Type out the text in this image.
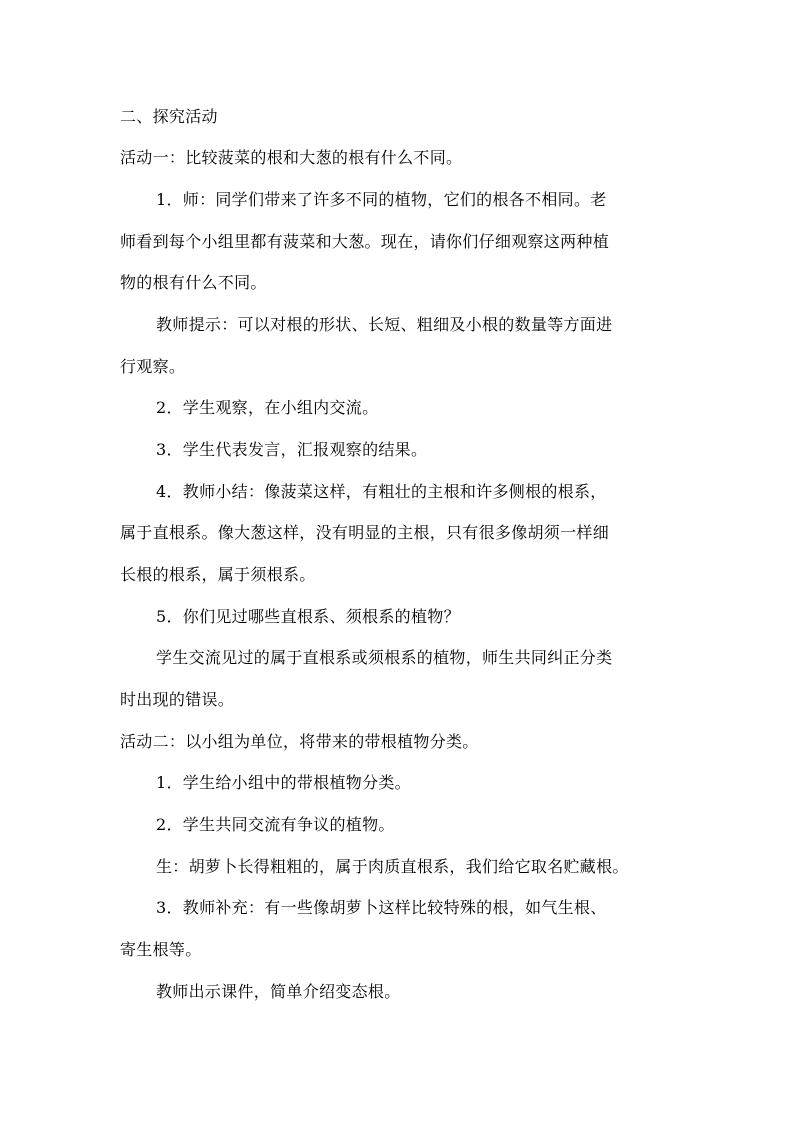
二、探究活动
活动一：比较菠菜的根和大葱的根有什么不同。
1．师：同学们带来了许多不同的植物，它们的根各不相同。老
师看到每个小组里都有菠菜和大葱。现在，请你们仔细观察这两种植
物的根有什么不同。
教师提示：可以对根的形状、长短、粗细及小根的数量等方面进
行观察。
2．学生观察，在小组内交流。
3．学生代表发言，汇报观察的结果。
4．教师小结：像菠菜这样，有粗壮的主根和许多侧根的根系，
属于直根系。像大葱这样，没有明显的主根，只有很多像胡须一样细
长根的根系，属于须根系。
5．你们见过哪些直根系、须根系的植物？
学生交流见过的属于直根系或须根系的植物，师生共同纠正分类
时出现的错误。
活动二：以小组为单位，将带来的带根植物分类。
1．学生给小组中的带根植物分类。
2．学生共同交流有争议的植物。
生：胡萝卜长得粗粗的，属于肉质直根系，我们给它取名贮藏根。
3．教师补充：有一些像胡萝卜这样比较特殊的根，如气生根、
寄生根等。
教师出示课件，简单介绍变态根。
